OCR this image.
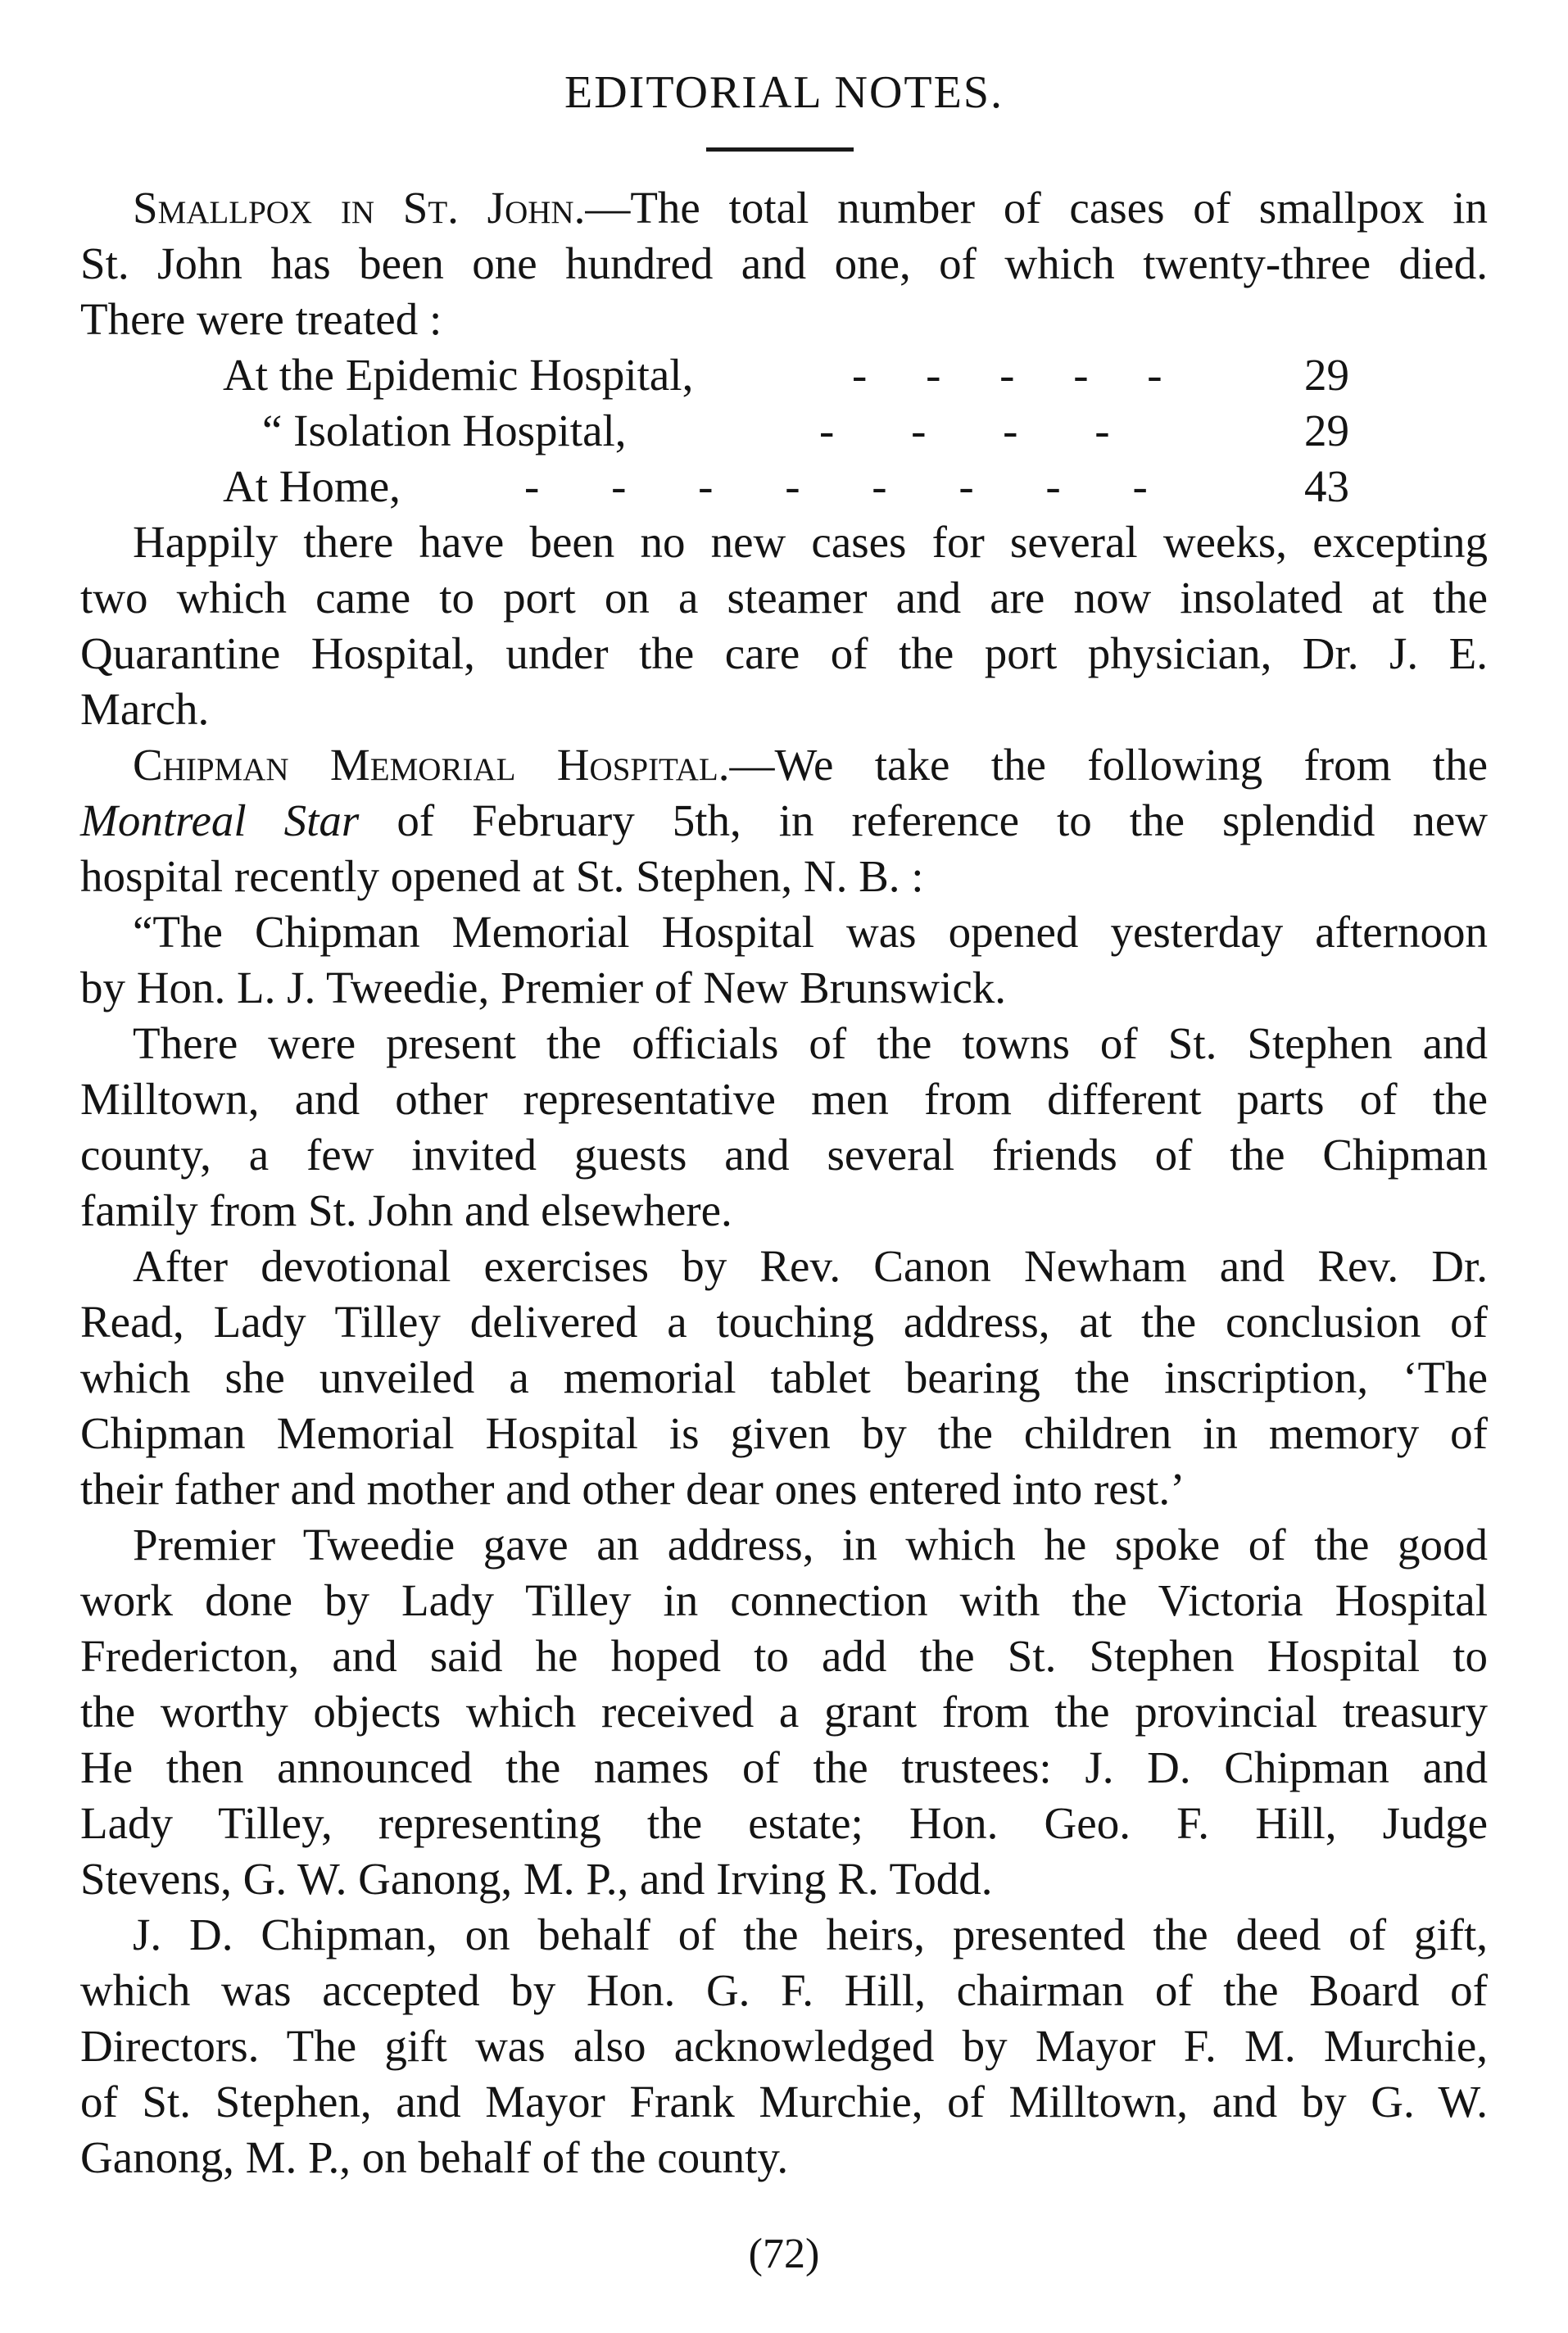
EDITORIAL NOTES.
Smallpox in St. John.—The total number of cases of smallpox in
St. John has been one hundred and one, of which twenty-three died.
There were treated :
At the Epidemic Hospital,	- - - - -	29
“ Isolation Hospital,	- - - -	29
At Home,	- - - - - - - -	43
Happily there have been no new cases for several weeks, excepting
two which came to port on a steamer and are now insolated at the
Quarantine Hospital, under the care of the port physician, Dr. J. E.
March.
Chipman Memorial Hospital.—We take the following from the
Montreal Star of February 5th, in reference to the splendid new
hospital recently opened at St. Stephen, N. B. :
“The Chipman Memorial Hospital was opened yesterday afternoon
by Hon. L. J. Tweedie, Premier of New Brunswick.
There were present the officials of the towns of St. Stephen and
Milltown, and other representative men from different parts of the
county, a few invited guests and several friends of the Chipman
family from St. John and elsewhere.
After devotional exercises by Rev. Canon Newham and Rev. Dr.
Read, Lady Tilley delivered a touching address, at the conclusion of
which she unveiled a memorial tablet bearing the inscription, ‘The
Chipman Memorial Hospital is given by the children in memory of
their father and mother and other dear ones entered into rest.’
Premier Tweedie gave an address, in which he spoke of the good
work done by Lady Tilley in connection with the Victoria Hospital
Fredericton, and said he hoped to add the St. Stephen Hospital to
the worthy objects which received a grant from the provincial treasury
He then announced the names of the trustees: J. D. Chipman and
Lady Tilley, representing the estate; Hon. Geo. F. Hill, Judge
Stevens, G. W. Ganong, M. P., and Irving R. Todd.
J. D. Chipman, on behalf of the heirs, presented the deed of gift,
which was accepted by Hon. G. F. Hill, chairman of the Board of
Directors. The gift was also acknowledged by Mayor F. M. Murchie,
of St. Stephen, and Mayor Frank Murchie, of Milltown, and by G. W.
Ganong, M. P., on behalf of the county.
(72)
